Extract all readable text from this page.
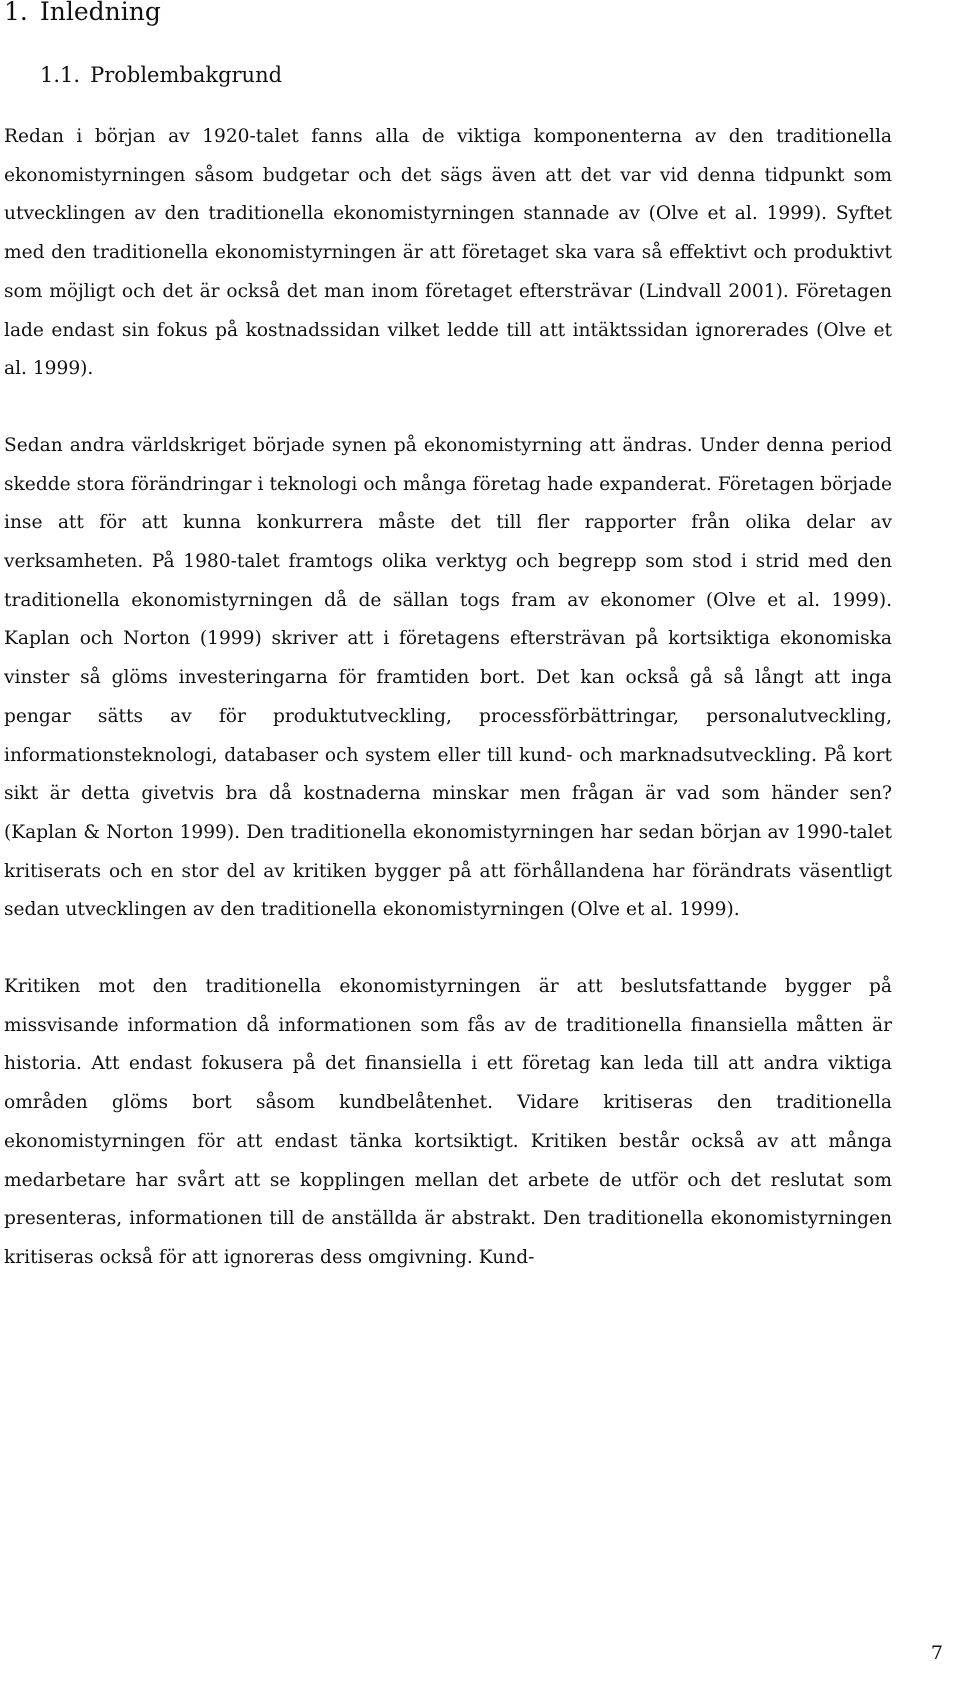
1. Inledning
1.1. Problembakgrund

Redan i början av 1920-talet fanns alla de viktiga komponenterna av den traditionella ekonomistyrningen såsom budgetar och det sägs även att det var vid denna tidpunkt som utvecklingen av den traditionella ekonomistyrningen stannade av (Olve et al. 1999). Syftet med den traditionella ekonomistyrningen är att företaget ska vara så effektivt och produktivt som möjligt och det är också det man inom företaget eftersträvar (Lindvall 2001). Företagen lade endast sin fokus på kostnadssidan vilket ledde till att intäktssidan ignorerades (Olve et al. 1999).

Sedan andra världskriget började synen på ekonomistyrning att ändras. Under denna period skedde stora förändringar i teknologi och många företag hade expanderat. Företagen började inse att för att kunna konkurrera måste det till fler rapporter från olika delar av verksamheten. På 1980-talet framtogs olika verktyg och begrepp som stod i strid med den traditionella ekonomistyrningen då de sällan togs fram av ekonomer (Olve et al. 1999). Kaplan och Norton (1999) skriver att i företagens eftersträvan på kortsiktiga ekonomiska vinster så glöms investeringarna för framtiden bort. Det kan också gå så långt att inga pengar sätts av för produktutveckling, processförbättringar, personalutveckling, informationsteknologi, databaser och system eller till kund- och marknadsutveckling. På kort sikt är detta givetvis bra då kostnaderna minskar men frågan är vad som händer sen? (Kaplan & Norton 1999). Den traditionella ekonomistyrningen har sedan början av 1990-talet kritiserats och en stor del av kritiken bygger på att förhållandena har förändrats väsentligt sedan utvecklingen av den traditionella ekonomistyrningen (Olve et al. 1999).

Kritiken mot den traditionella ekonomistyrningen är att beslutsfattande bygger på missvisande information då informationen som fås av de traditionella finansiella måtten är historia. Att endast fokusera på det finansiella i ett företag kan leda till att andra viktiga områden glöms bort såsom kundbelåtenhet. Vidare kritiseras den traditionella ekonomistyrningen för att endast tänka kortsiktigt. Kritiken består också av att många medarbetare har svårt att se kopplingen mellan det arbete de utför och det reslutat som presenteras, informationen till de anställda är abstrakt. Den traditionella ekonomistyrningen kritiseras också för att ignoreras dess omgivning. Kund-

7
